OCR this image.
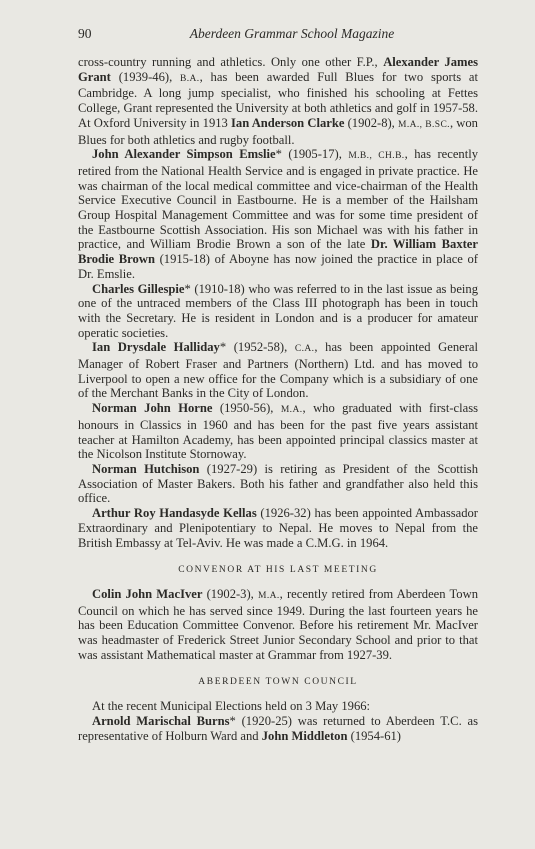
90	Aberdeen Grammar School Magazine

cross-country running and athletics. Only one other F.P., Alexander James Grant (1939-46), B.A., has been awarded Full Blues for two sports at Cambridge. A long jump specialist, who finished his schooling at Fettes College, Grant represented the University at both athletics and golf in 1957-58. At Oxford University in 1913 Ian Anderson Clarke (1902-8), M.A., B.SC., won Blues for both athletics and rugby football.

John Alexander Simpson Emslie* (1905-17), M.B., CH.B., has recently retired from the National Health Service and is engaged in private practice. He was chairman of the local medical committee and vice-chairman of the Health Service Executive Council in Eastbourne. He is a member of the Hailsham Group Hospital Management Committee and was for some time president of the Eastbourne Scottish Association. His son Michael was with his father in practice, and William Brodie Brown a son of the late Dr. William Baxter Brodie Brown (1915-18) of Aboyne has now joined the practice in place of Dr. Emslie.

Charles Gillespie* (1910-18) who was referred to in the last issue as being one of the untraced members of the Class III photograph has been in touch with the Secretary. He is resident in London and is a producer for amateur operatic societies.

Ian Drysdale Halliday* (1952-58), C.A., has been appointed General Manager of Robert Fraser and Partners (Northern) Ltd. and has moved to Liverpool to open a new office for the Company which is a subsidiary of one of the Merchant Banks in the City of London.

Norman John Horne (1950-56), M.A., who graduated with first-class honours in Classics in 1960 and has been for the past five years assistant teacher at Hamilton Academy, has been appointed principal classics master at the Nicolson Institute Stornoway.

Norman Hutchison (1927-29) is retiring as President of the Scottish Association of Master Bakers. Both his father and grandfather also held this office.

Arthur Roy Handasyde Kellas (1926-32) has been appointed Ambassador Extraordinary and Plenipotentiary to Nepal. He moves to Nepal from the British Embassy at Tel-Aviv. He was made a C.M.G. in 1964.

CONVENOR AT HIS LAST MEETING

Colin John MacIver (1902-3), M.A., recently retired from Aberdeen Town Council on which he has served since 1949. During the last fourteen years he has been Education Committee Convenor. Before his retirement Mr. MacIver was headmaster of Frederick Street Junior Secondary School and prior to that was assistant Mathematical master at Grammar from 1927-39.

ABERDEEN TOWN COUNCIL

At the recent Municipal Elections held on 3 May 1966:

Arnold Marischal Burns* (1920-25) was returned to Aberdeen T.C. as representative of Holburn Ward and John Middleton (1954-61)
